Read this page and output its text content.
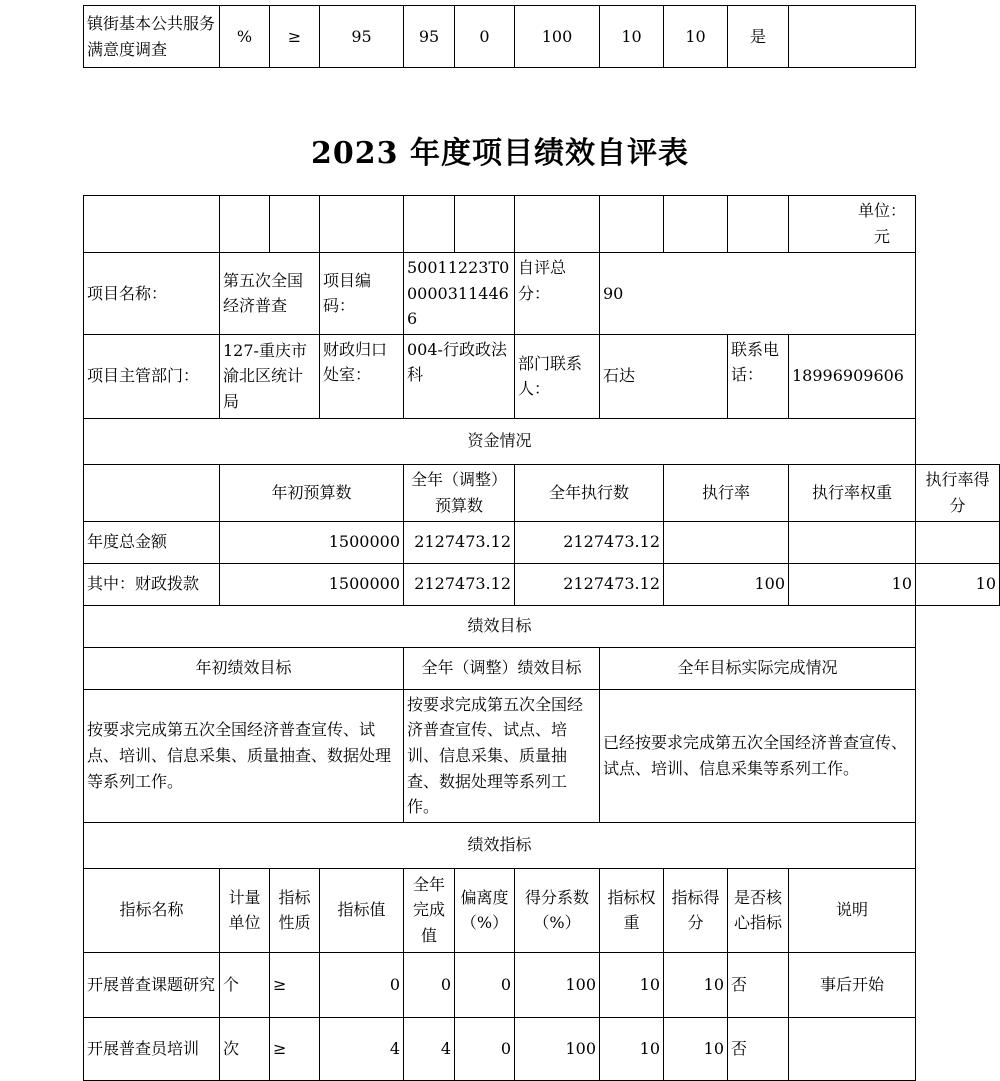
镇街基本公共服务满意度调查	%	≥	95	95	0	100	10	10	是	
2023 年度项目绩效自评表
										单位：元	
项目名称：	第五次全国经济普查		项目编码：	50011223T000003114466		自评总分：	90				
项目主管部门：	127-重庆市渝北区统计局		财政归口处室：	004-行政政法科		部门联系人：	石达		联系电话：	18996909606	
资金情况											
	年初预算数			全年（调整）预算数		全年执行数		执行率		执行率权重	执行率得分
年度总金额	1500000			2127473.12		2127473.12					
其中：财政拨款	1500000			2127473.12		2127473.12		100		10	10
绩效目标											
年初绩效目标				全年（调整）绩效目标			全年目标实际完成情况				
按要求完成第五次全国经济普查宣传、试点、培训、信息采集、质量抽查、数据处理等系列工作。				按要求完成第五次全国经济普查宣传、试点、培训、信息采集、质量抽查、数据处理等系列工作。			已经按要求完成第五次全国经济普查宣传、试点、培训、信息采集等系列工作。				
绩效指标											
指标名称	计量单位	指标性质	指标值	全年完成值	偏离度（%）	得分系数（%）	指标权重	指标得分	是否核心指标	说明	
开展普查课题研究	个	≥	0	0	0	100	10	10	否	事后开始	
开展普查员培训	次	≥	4	4	0	100	10	10	否		
